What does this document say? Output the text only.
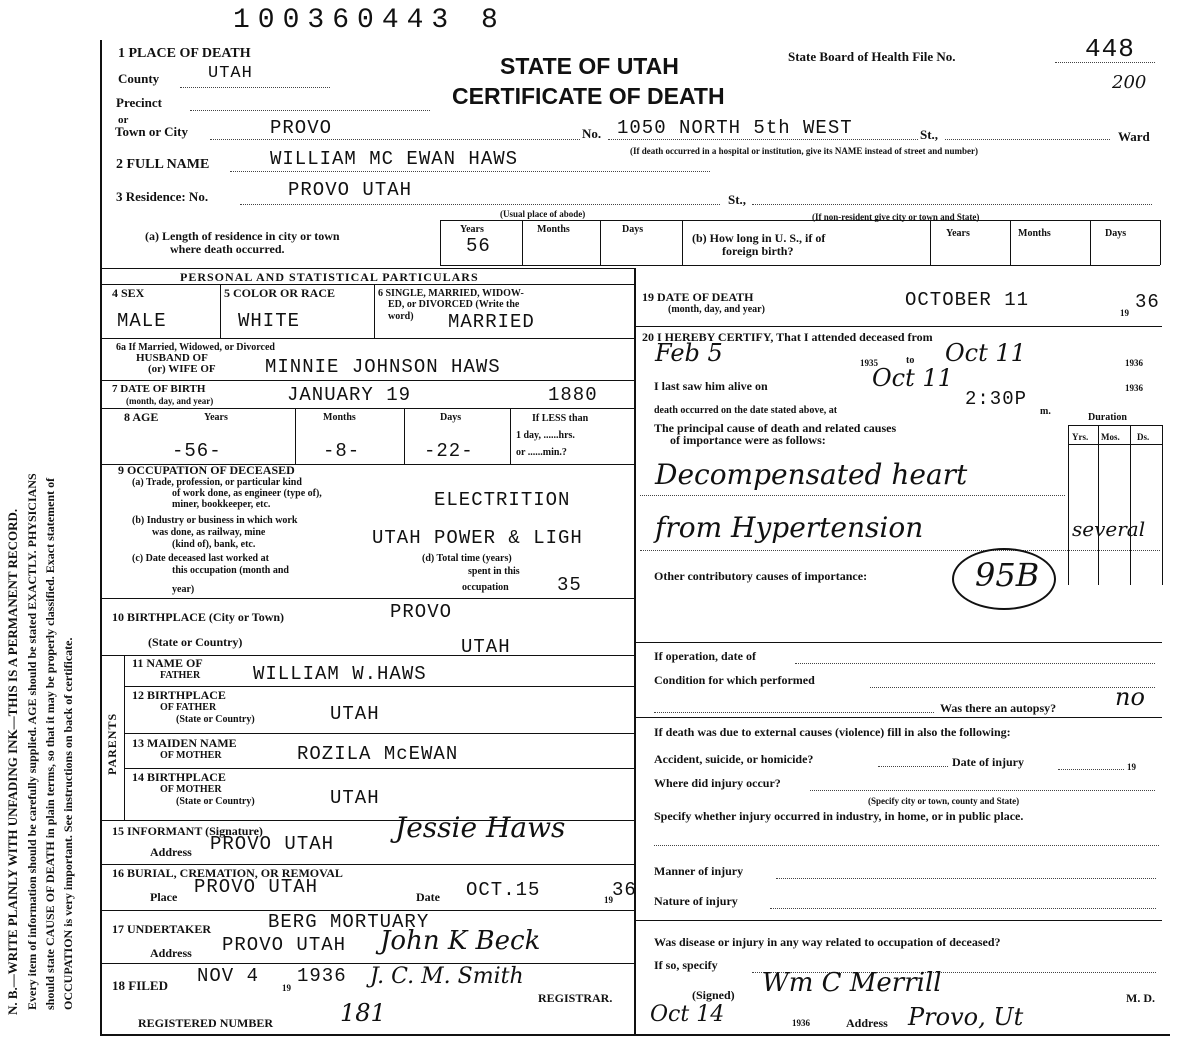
100360443 8
N. B.—WRITE PLAINLY WITH UNFADING INK—THIS IS A PERMANENT RECORD. Every item of information should be carefully supplied. AGE should be stated EXACTLY. PHYSICIANS should state CAUSE OF DEATH in plain terms, so that it may be properly classified. Exact statement of OCCUPATION is very important. See instructions on back of certificate.
1 PLACE OF DEATH	STATE OF UTAH
CERTIFICATE OF DEATH
State Board of Health File No.	448
200
County	UTAH
Precinct
or
Town or City	PROVO	No. 1050 NORTH 5th WEST	St.,	Ward
(If death occurred in a hospital or institution, give its NAME instead of street and number)
2 FULL NAME	WILLIAM MC EWAN HAWS
3 Residence: No.	PROVO UTAH	St.,
(Usual place of abode)	(If non-resident give city or town and State)
(a) Length of residence in city or town
where death occurred.
Years	Months	Days
56	(b) How long in U. S., if of
foreign birth?
Years	Months	Days
PERSONAL AND STATISTICAL PARTICULARS
4 SEX
MALE
5 COLOR OR RACE
WHITE
6 SINGLE, MARRIED, WIDOW-
ED, or DIVORCED (Write the
word) MARRIED
6a If Married, Widowed, or Divorced
HUSBAND OF
(or) WIFE OF	MINNIE JOHNSON HAWS
7 DATE OF BIRTH
(month, day, and year)	JANUARY 19	1880
8 AGE	Years	Months	Days
-56-	-8-	-22-
If LESS than
1 day, ......hrs.
or ......min.?
9 OCCUPATION OF DECEASED
(a) Trade, profession, or particular kind
of work done, as engineer (type of),
miner, bookkeeper, etc.	ELECTRITION
(b) Industry or business in which work
was done, as railway, mine
(kind of), bank, etc.	UTAH POWER & LIGH
(c) Date deceased last worked at
this occupation (month and
year)
(d) Total time (years)
spent in this
occupation	35
10 BIRTHPLACE (City or Town)	PROVO
(State or Country)	UTAH
PARENTS
11 NAME OF
FATHER	WILLIAM W.HAWS
12 BIRTHPLACE
OF FATHER
(State or Country)	UTAH
13 MAIDEN NAME
OF MOTHER	ROZILA McEWAN
14 BIRTHPLACE
OF MOTHER
(State or Country)	UTAH
15 INFORMANT (Signature)	Jessie Haws
Address PROVO UTAH
16 BURIAL, CREMATION, OR REMOVAL
Place PROVO UTAH	Date OCT.15	19 36
17 UNDERTAKER	BERG MORTUARY
Address PROVO UTAH John K Beck
18 FILED NOV 4
19
1936 J. C. M. Smith
REGISTRAR.
REGISTERED NUMBER	181
19 DATE OF DEATH
(month, day, and year)	OCTOBER 11
19 36
20 I HEREBY CERTIFY, That I attended deceased from
Feb 5	1935	to Oct 11	1936
I last saw him alive on	Oct 11	1936
death occurred on the date stated above, at
2:30P
m.
Duration
The principal cause of death and related causes
of importance were as follows:	Yrs. Mos. Ds.
Decompensated heart
from Hypertension	several
Other contributory causes of importance:	95B
If operation, date of
Condition for which performed
Was there an autopsy? no
If death was due to external causes (violence) fill in also the following:
Accident, suicide, or homicide?	Date of injury	19
Where did injury occur?
(Specify city or town, county and State)
Specify whether injury occurred in industry, in home, or in public place.
Manner of injury
Nature of injury
Was disease or injury in any way related to occupation of deceased?
If so, specify
(Signed) Wm C Merrill	M. D.
Oct 14	1936	Address Provo, Ut
